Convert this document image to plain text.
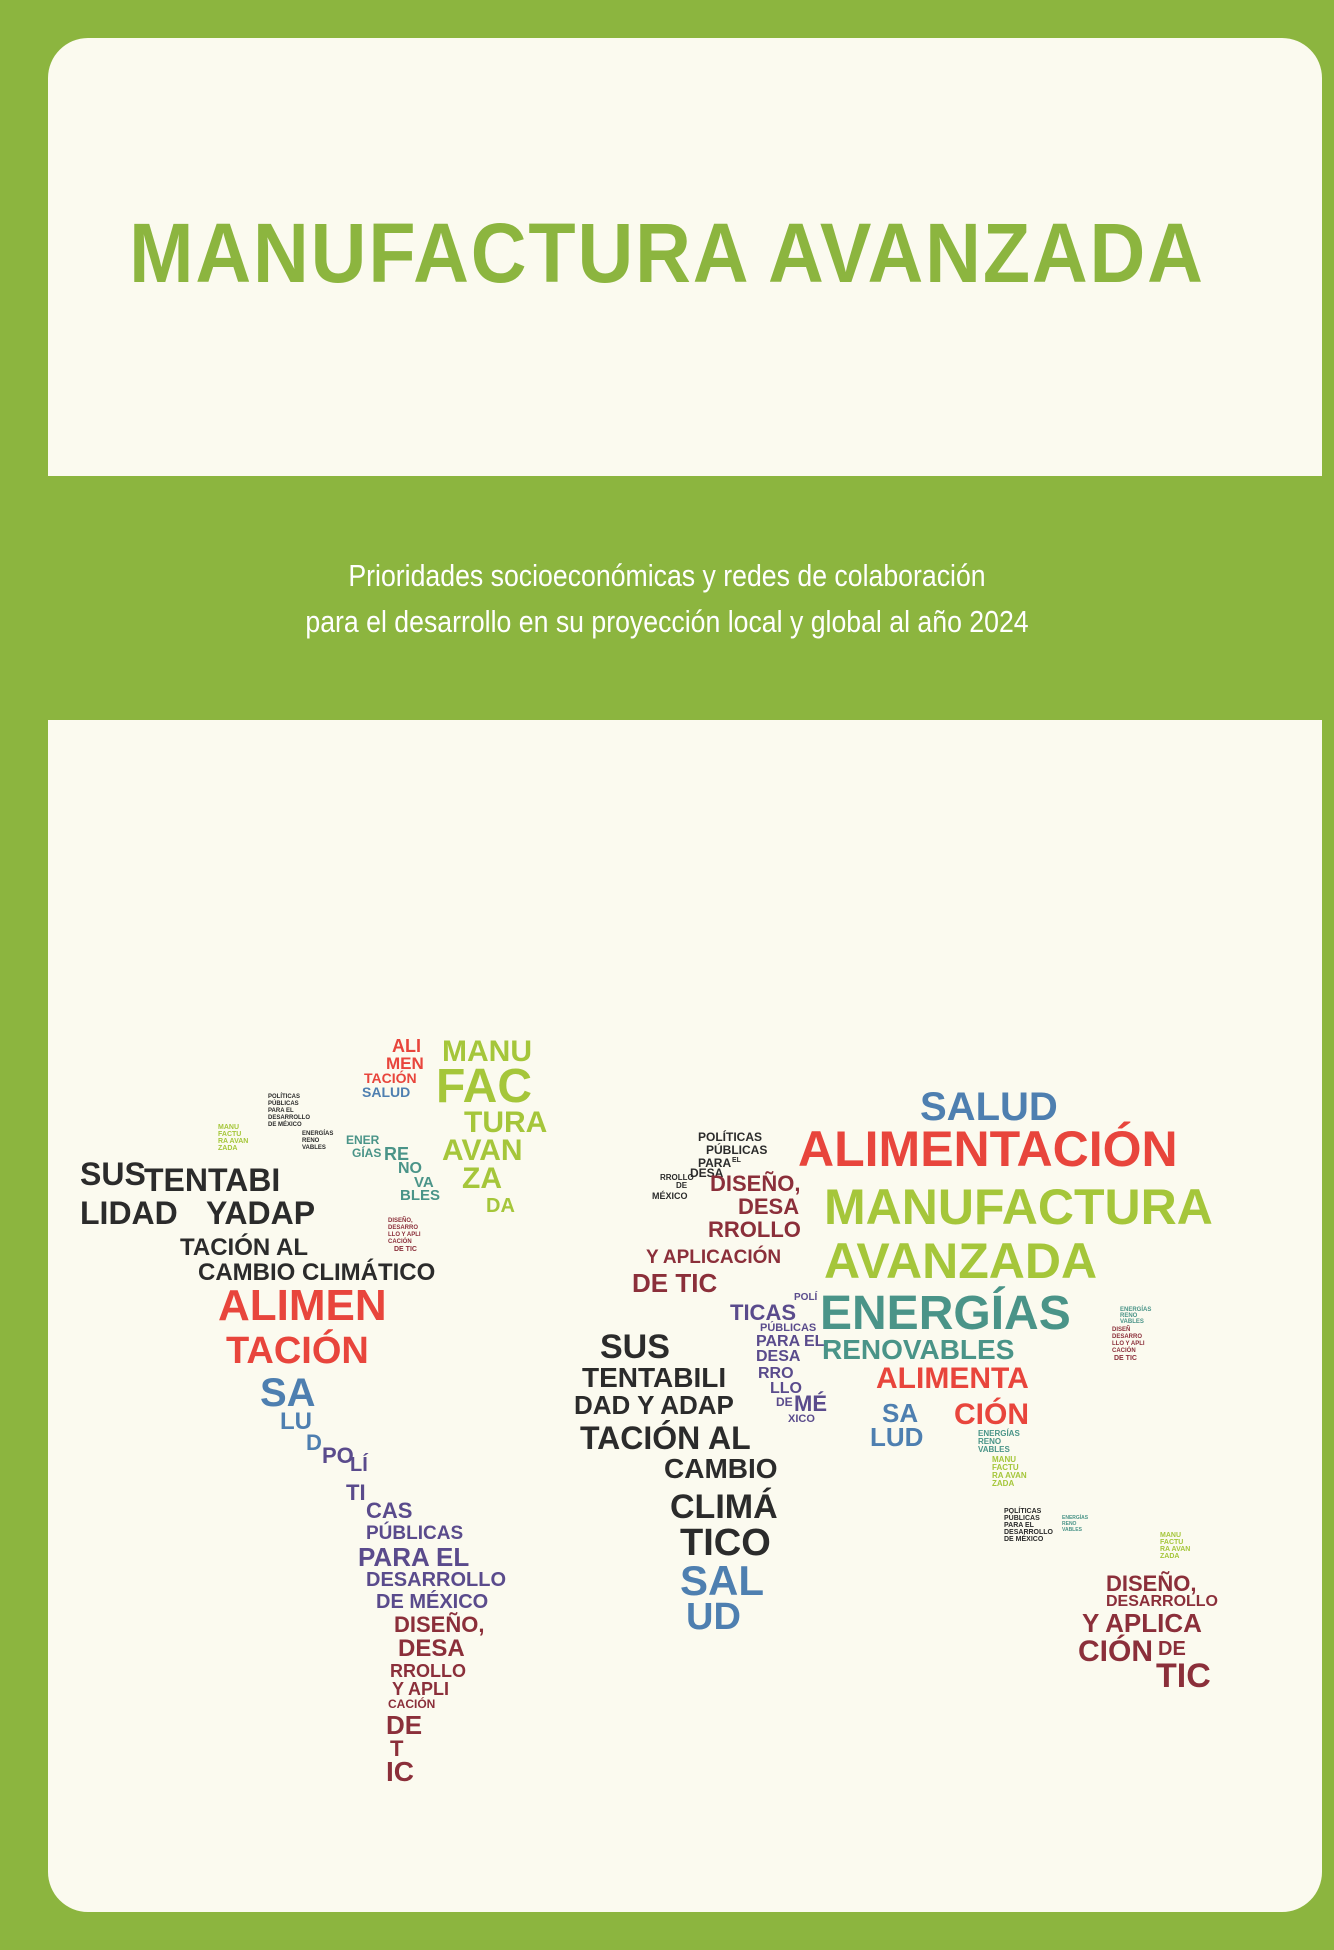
MANUFACTURA AVANZADA
Prioridades socioeconómicas y redes de colaboración
para el desarrollo en su proyección local y global al año 2024
ALI
MEN
TACIÓN
SALUD
MANU
FAC
TURA
AVAN
ZA
DA
ENER
GÍAS RE
NO
VA
BLES
POLÍTICAS
PÚBLICAS
PARA EL
DESARROLLO
DE MÉXICO
MANU
FACTU
RA AVAN
ZADA
ENERGÍAS
RENO
VABLES
DISEÑO,
DESARRO
LLO Y APLI
CACIÓN
DE TIC
SUS
TENTABI
LIDAD YADAP
TACIÓN AL
CAMBIO CLIMÁTICO
ALIMEN
TACIÓN
SA
LU
D
PO
LÍ
TI
CAS
PÚBLICAS
PARA EL
DESARROLLO
DE MÉXICO
DISEÑO,
DESA
RROLLO
Y APLI
CACIÓN
DE
T
IC
POLÍTICAS
PÚBLICAS
PARA EL
DESA
RROLLO
DE
MÉXICO DISEÑO,
DESA
RROLLO
Y APLICACIÓN
DE TIC
SALUD
ALIMENTACIÓN
MANUFACTURA
AVANZADA
POLÍ
TICAS
PÚBLICAS
PARA EL
DESA
RRO
LLO
DE MÉ
XICO
ENERGÍAS
RENOVABLES
ALIMENTA
SA
LUD
CIÓN
ENERGÍAS
RENO
VABLES
MANU
FACTU
RA AVAN
ZADA
ENERGÍAS
RENO
VABLES
DISEÑ
DESARRO
LLO Y APLI
CACIÓN
DE TIC
SUS
TENTABILI
DAD Y ADAP
TACIÓN AL
CAMBIO
CLIMÁ
TICO
SAL
UD
POLÍTICAS
PÚBLICAS
PARA EL
DESARROLLO
DE MÉXICO
ENERGÍAS
RENO
VABLES
MANU
FACTU
RA AVAN
ZADA
DISEÑO,
DESARROLLO
Y APLICA
CIÓN DE
TIC
